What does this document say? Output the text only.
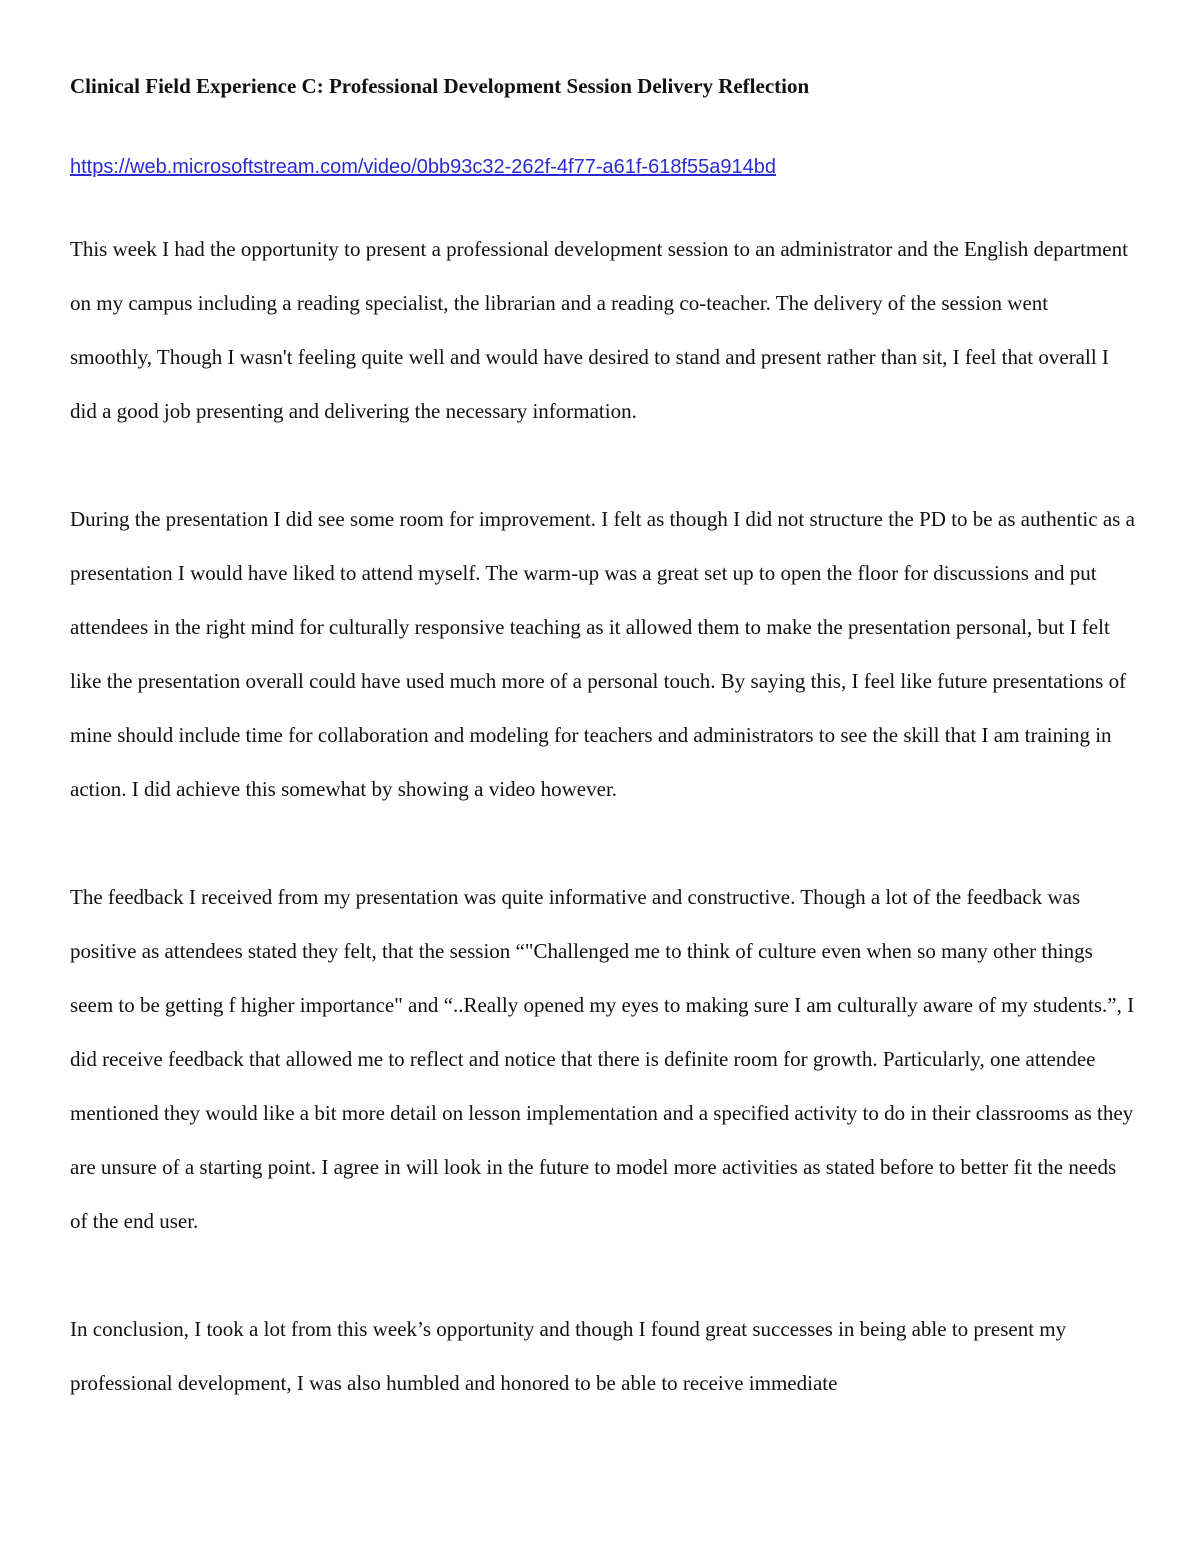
Clinical Field Experience C: Professional Development Session Delivery Reflection
https://web.microsoftstream.com/video/0bb93c32-262f-4f77-a61f-618f55a914bd

This week I had the opportunity to present a professional development session to an administrator and the English department on my campus including a reading specialist, the librarian and a reading co-teacher. The delivery of the session went smoothly, Though I wasn't feeling quite well and would have desired to stand and present rather than sit, I feel that overall I did a good job presenting and delivering the necessary information.

During the presentation I did see some room for improvement. I felt as though I did not structure the PD to be as authentic as a presentation I would have liked to attend myself. The warm-up was a great set up to open the floor for discussions and put attendees in the right mind for culturally responsive teaching as it allowed them to make the presentation personal, but I felt like the presentation overall could have used much more of a personal touch. By saying this, I feel like future presentations of mine should include time for collaboration and modeling for teachers and administrators to see the skill that I am training in action. I did achieve this somewhat by showing a video however.

The feedback I received from my presentation was quite informative and constructive. Though a lot of the feedback was positive as attendees stated they felt, that the session “"Challenged me to think of culture even when so many other things seem to be getting f higher importance" and “..Really opened my eyes to making sure I am culturally aware of my students.”, I did receive feedback that allowed me to reflect and notice that there is definite room for growth. Particularly, one attendee mentioned they would like a bit more detail on lesson implementation and a specified activity to do in their classrooms as they are unsure of a starting point. I agree in will look in the future to model more activities as stated before to better fit the needs of the end user.

In conclusion, I took a lot from this week’s opportunity and though I found great successes in being able to present my professional development, I was also humbled and honored to be able to receive immediate
